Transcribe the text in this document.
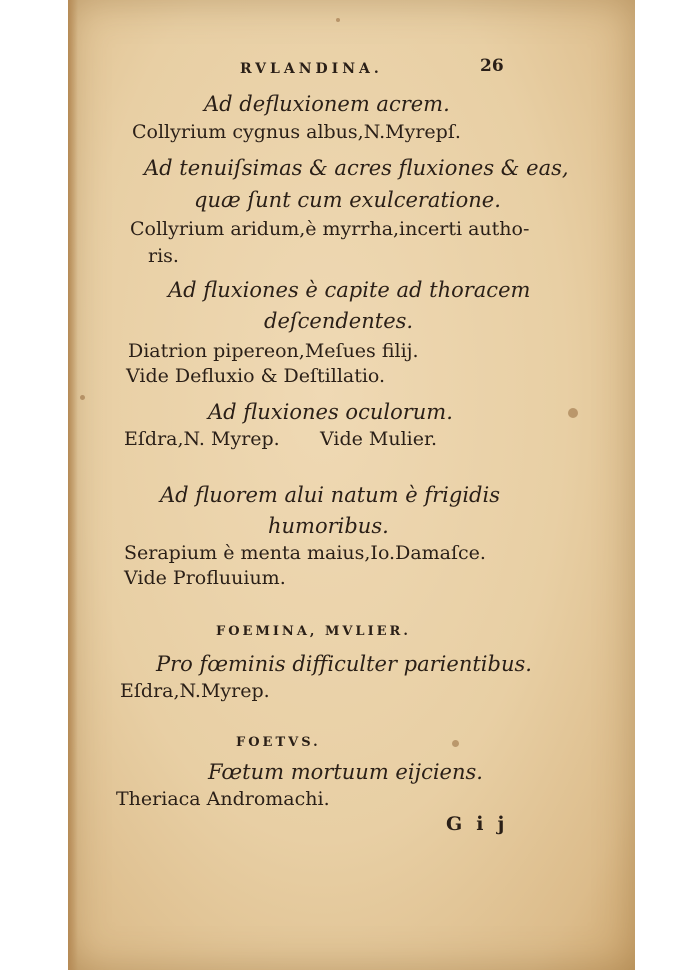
RVLANDINA.	26
Ad defluxionem acrem.
Collyrium cygnus albus,N.Myrepſ.
Ad tenuiſsimas & acres fluxiones & eas,
quæ ſunt cum exulceratione.
Collyrium aridum,è myrrha,incerti autho-
ris.
Ad fluxiones è capite ad thoracem
deſcendentes.
Diatrion pipereon,Meſues filij.
Vide Defluxio & Deſtillatio.
Ad fluxiones oculorum.
Eſdra,N. Myrep. Vide Mulier.
Ad fluorem alui natum è frigidis
humoribus.
Serapium è menta maius,Io.Damaſce.
Vide Profluuium.
FOEMINA, MVLIER.
Pro fœminis difficulter parientibus.
Eſdra,N.Myrep.
FOETVS.
Fœtum mortuum eijciens.
Theriaca Andromachi.
Gij
